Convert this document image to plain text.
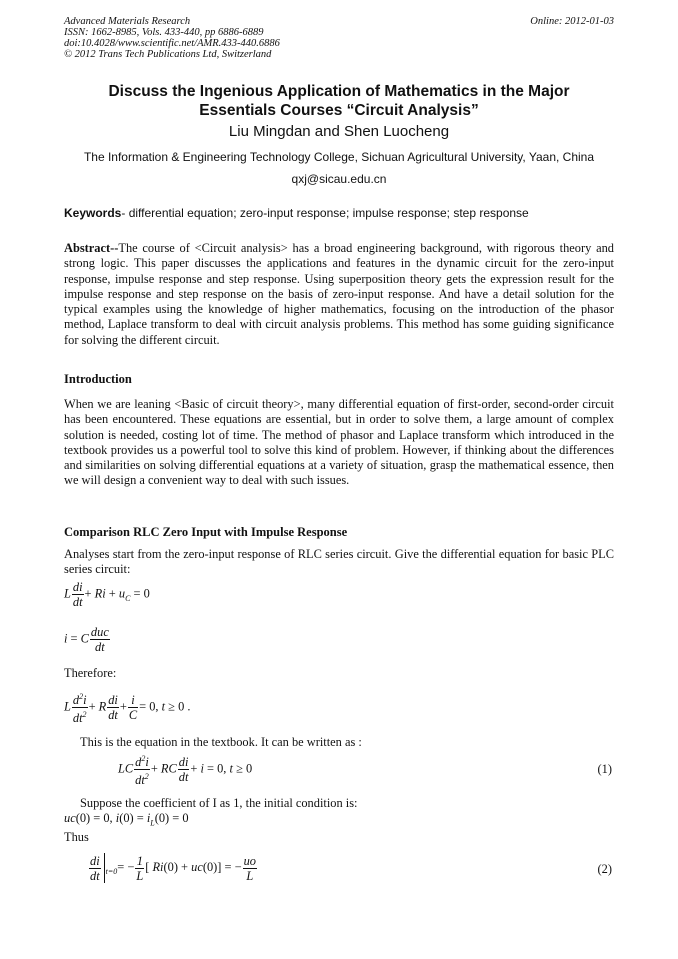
Advanced Materials Research
ISSN: 1662-8985, Vols. 433-440, pp 6886-6889
doi:10.4028/www.scientific.net/AMR.433-440.6886
© 2012 Trans Tech Publications Ltd, Switzerland
Online: 2012-01-03
Discuss the Ingenious Application of Mathematics in the Major
Essentials Courses “Circuit Analysis”
Liu Mingdan and Shen Luocheng
The Information & Engineering Technology College, Sichuan Agricultural University, Yaan, China
qxj@sicau.edu.cn
Keywords- differential equation; zero-input response; impulse response; step response
Abstract--The course of <Circuit analysis> has a broad engineering background, with rigorous theory and strong logic. This paper discusses the applications and features in the dynamic circuit for the zero-input response, impulse response and step response. Using superposition theory gets the expression result for the impulse response and step response on the basis of zero-input response. And have a detail solution for the typical examples using the knowledge of higher mathematics, focusing on the introduction of the phasor method, Laplace transform to deal with circuit analysis problems. This method has some guiding significance for solving the different circuit.
Introduction
When we are leaning <Basic of circuit theory>, many differential equation of first-order, second-order circuit has been encountered. These equations are essential, but in order to solve them, a large amount of complex solution is needed, costing lot of time. The method of phasor and Laplace transform which introduced in the textbook provides us a powerful tool to solve this kind of problem. However, if thinking about the differences and similarities on solving differential equations at a variety of situation, grasp the mathematical essence, then we will design a convenient way to deal with such issues.
Comparison RLC Zero Input with Impulse Response
Analyses start from the zero-input response of RLC series circuit. Give the differential equation for basic PLC series circuit:
L $\frac{di}{dt} + Ri + u_C = 0$
i = C $\frac{\text{duc}}{dt}$
Therefore:
L $\frac{d^2i}{dt^2} + R \frac{di}{dt} + \frac{i}{C} = 0$, t ≥ 0 .
This is the equation in the textbook. It can be written as :
LC $\frac{d^2i}{dt^2}$ + RC $\frac{di}{dt} + i = 0$, t ≥ 0	(1)
Suppose the coefficient of I as 1, the initial condition is:
uc(0) = 0, $i(0) = i_L(0) = 0$
Thus
$\frac{di}{dt} _{t=0}= - \frac{1}{L}$ [ Ri(0) + uc(0)] = − $\frac{uo}{L}$	(2)
